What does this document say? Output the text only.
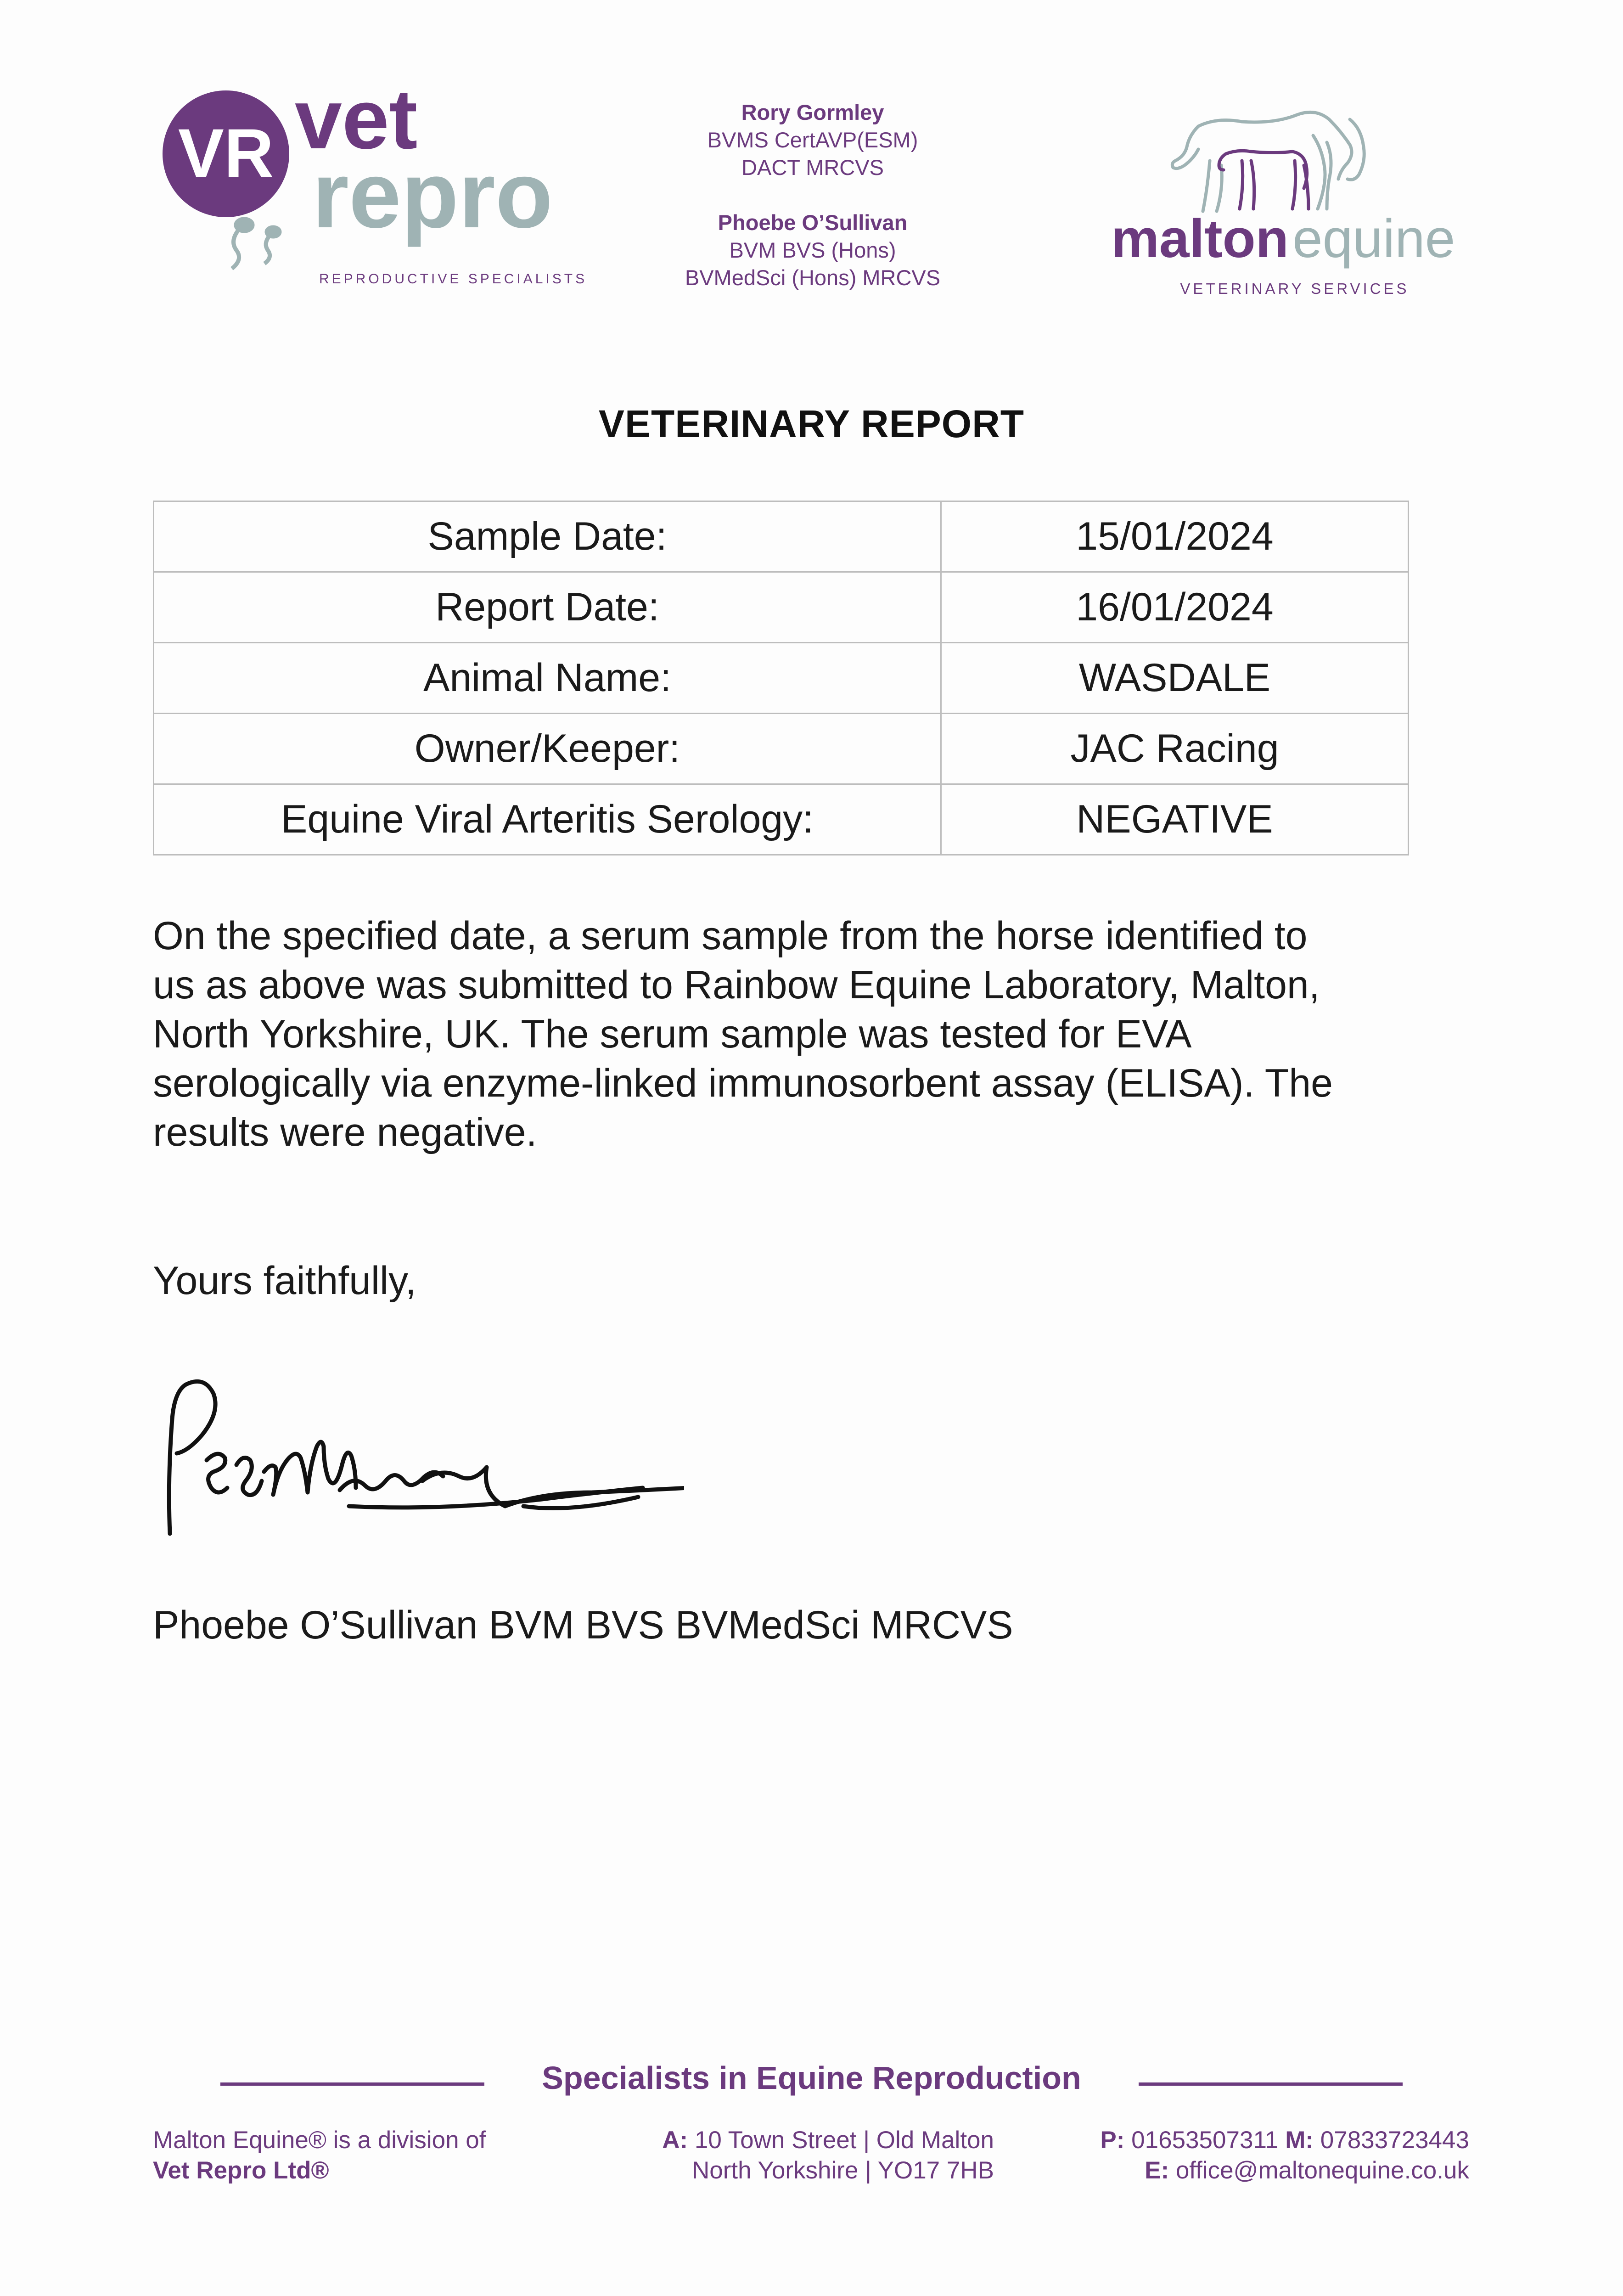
VR vet
repro
REPRODUCTIVE SPECIALISTS
Rory Gormley
BVMS CertAVP(ESM)
DACT MRCVS
Phoebe O’Sullivan
BVM BVS (Hons)
BVMedSci (Hons) MRCVS
malton equine
VETERINARY SERVICES
VETERINARY REPORT
Sample Date:	15/01/2024
Report Date:	16/01/2024
Animal Name:	WASDALE
Owner/Keeper:	JAC Racing
Equine Viral Arteritis Serology:	NEGATIVE
On the specified date, a serum sample from the horse identified to
us as above was submitted to Rainbow Equine Laboratory, Malton,
North Yorkshire, UK. The serum sample was tested for EVA
serologically via enzyme-linked immunosorbent assay (ELISA). The
results were negative.
Yours faithfully,
Phoebe O’Sullivan BVM BVS BVMedSci MRCVS
Specialists in Equine Reproduction
Malton Equine® is a division of
Vet Repro Ltd®
A: 10 Town Street | Old Malton
North Yorkshire | YO17 7HB
P: 01653507311 M: 07833723443
E: office@maltonequine.co.uk
